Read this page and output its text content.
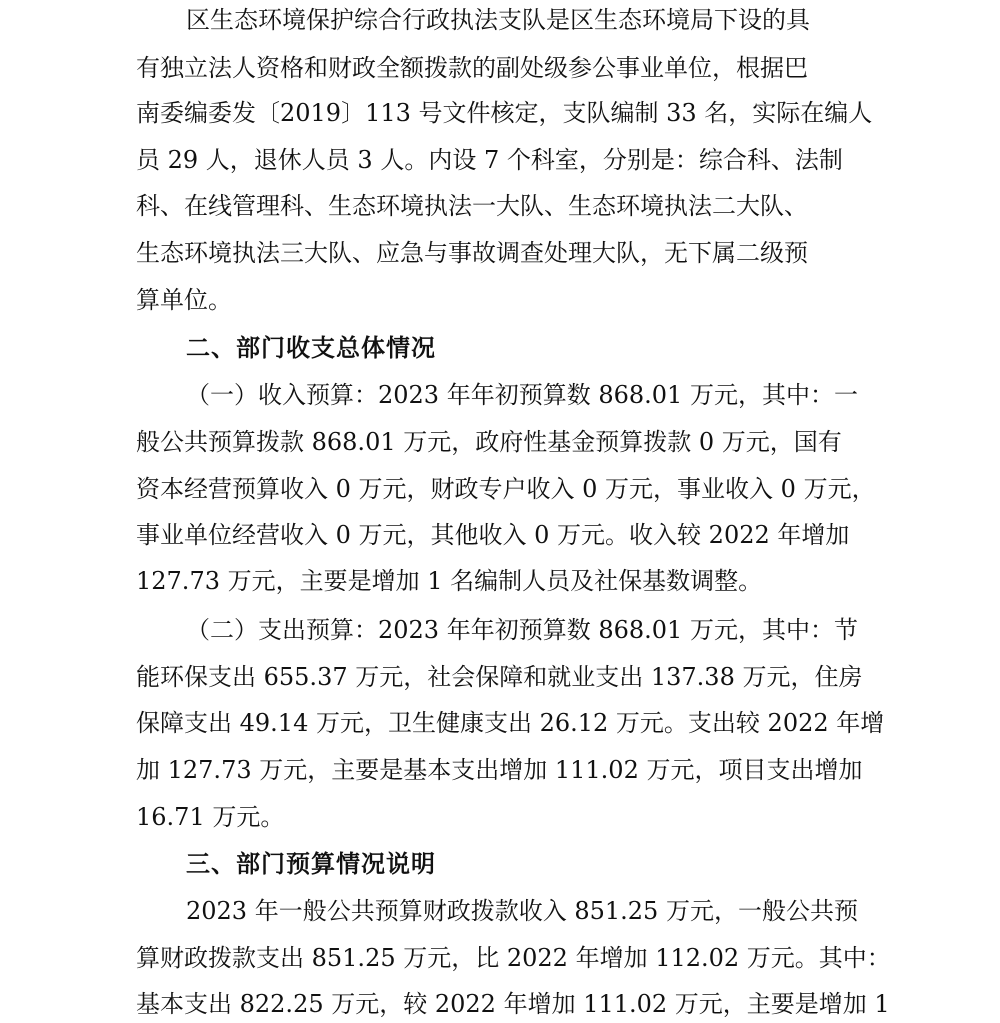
区生态环境保护综合行政执法支队是区生态环境局下设的具
有独立法人资格和财政全额拨款的副处级参公事业单位，根据巴
南委编委发〔2019〕113 号文件核定，支队编制 33 名，实际在编人
员 29 人，退休人员 3 人。内设 7 个科室，分别是：综合科、法制
科、在线管理科、生态环境执法一大队、生态环境执法二大队、
生态环境执法三大队、应急与事故调查处理大队，无下属二级预
算单位。
二、部门收支总体情况
（一）收入预算：2023 年年初预算数 868.01 万元，其中：一
般公共预算拨款 868.01 万元，政府性基金预算拨款 0 万元，国有
资本经营预算收入 0 万元，财政专户收入 0 万元，事业收入 0 万元，
事业单位经营收入 0 万元，其他收入 0 万元。收入较 2022 年增加
127.73 万元，主要是增加 1 名编制人员及社保基数调整。
（二）支出预算：2023 年年初预算数 868.01 万元，其中：节
能环保支出 655.37 万元，社会保障和就业支出 137.38 万元，住房
保障支出 49.14 万元，卫生健康支出 26.12 万元。支出较 2022 年增
加 127.73 万元，主要是基本支出增加 111.02 万元，项目支出增加
16.71 万元。
三、部门预算情况说明
2023 年一般公共预算财政拨款收入 851.25 万元，一般公共预
算财政拨款支出 851.25 万元，比 2022 年增加 112.02 万元。其中：
基本支出 822.25 万元，较 2022 年增加 111.02 万元，主要是增加 1
